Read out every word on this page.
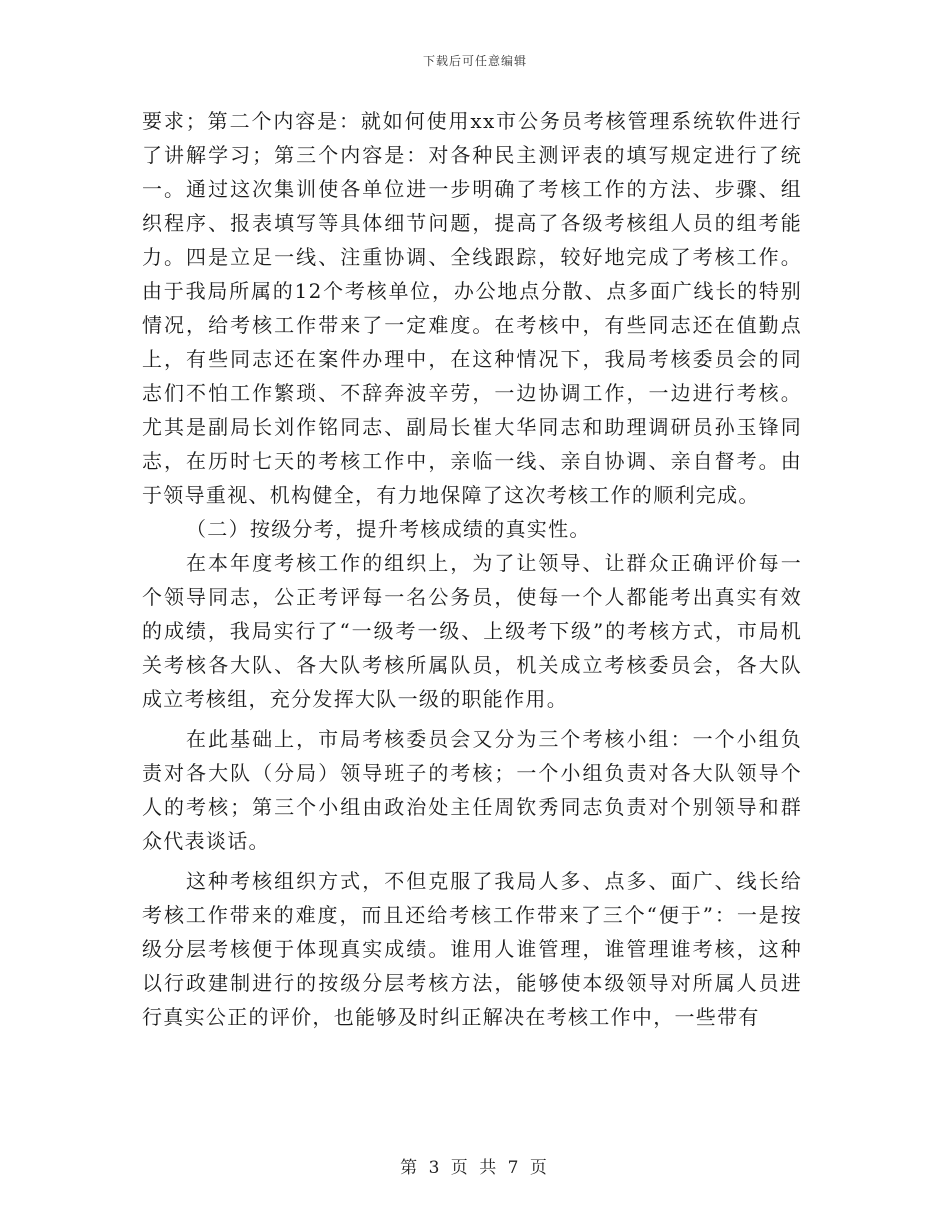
下载后可任意编辑

要求；第二个内容是：就如何使用xx市公务员考核管理系统软件进行了讲解学习；第三个内容是：对各种民主测评表的填写规定进行了统一。通过这次集训使各单位进一步明确了考核工作的方法、步骤、组织程序、报表填写等具体细节问题，提高了各级考核组人员的组考能力。四是立足一线、注重协调、全线跟踪，较好地完成了考核工作。由于我局所属的12个考核单位，办公地点分散、点多面广线长的特别情况，给考核工作带来了一定难度。在考核中，有些同志还在值勤点上，有些同志还在案件办理中，在这种情况下，我局考核委员会的同志们不怕工作繁琐、不辞奔波辛劳，一边协调工作，一边进行考核。尤其是副局长刘作铭同志、副局长崔大华同志和助理调研员孙玉锋同志，在历时七天的考核工作中，亲临一线、亲自协调、亲自督考。由于领导重视、机构健全，有力地保障了这次考核工作的顺利完成。

（二）按级分考，提升考核成绩的真实性。

在本年度考核工作的组织上，为了让领导、让群众正确评价每一个领导同志，公正考评每一名公务员，使每一个人都能考出真实有效的成绩，我局实行了“一级考一级、上级考下级”的考核方式，市局机关考核各大队、各大队考核所属队员，机关成立考核委员会，各大队成立考核组，充分发挥大队一级的职能作用。

在此基础上，市局考核委员会又分为三个考核小组：一个小组负责对各大队（分局）领导班子的考核；一个小组负责对各大队领导个人的考核；第三个小组由政治处主任周钦秀同志负责对个别领导和群众代表谈话。

这种考核组织方式，不但克服了我局人多、点多、面广、线长给考核工作带来的难度，而且还给考核工作带来了三个“便于”：一是按级分层考核便于体现真实成绩。谁用人谁管理，谁管理谁考核，这种以行政建制进行的按级分层考核方法，能够使本级领导对所属人员进行真实公正的评价，也能够及时纠正解决在考核工作中，一些带有

第 3 页 共 7 页
